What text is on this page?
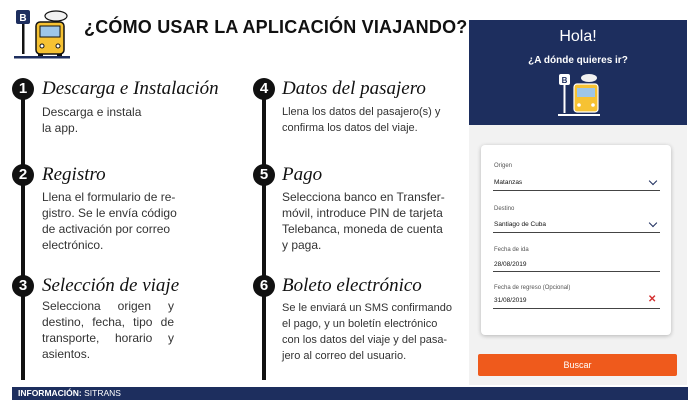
B	¿CÓMO USAR LA APLICACIÓN VIAJANDO?
1 Descarga e Instalación
Descarga e instala
la app.
2 Registro
Llena el formulario de re-
gistro. Se le envía código
de activación por correo
electrónico.
3 Selección de viaje
Selecciona origen y
destino, fecha, tipo de
transporte, horario y
asientos.
4 Datos del pasajero
Llena los datos del pasajero(s) y
confirma los datos del viaje.
5 Pago
Selecciona banco en Transfer-
móvil, introduce PIN de tarjeta
Telebanca, moneda de cuenta
y paga.
6 Boleto electrónico
Se le enviará un SMS confirmando
el pago, y un boletín electrónico
con los datos del viaje y del pasa-
jero al correo del usuario.
Hola!
¿A dónde quieres ir?
B
Origen
Matanzas
Destino
Santiago de Cuba
Fecha de ida
28/08/2019
Fecha de regreso (Opcional)
31/08/2019	✕
Buscar
INFORMACIÓN: SITRANS
